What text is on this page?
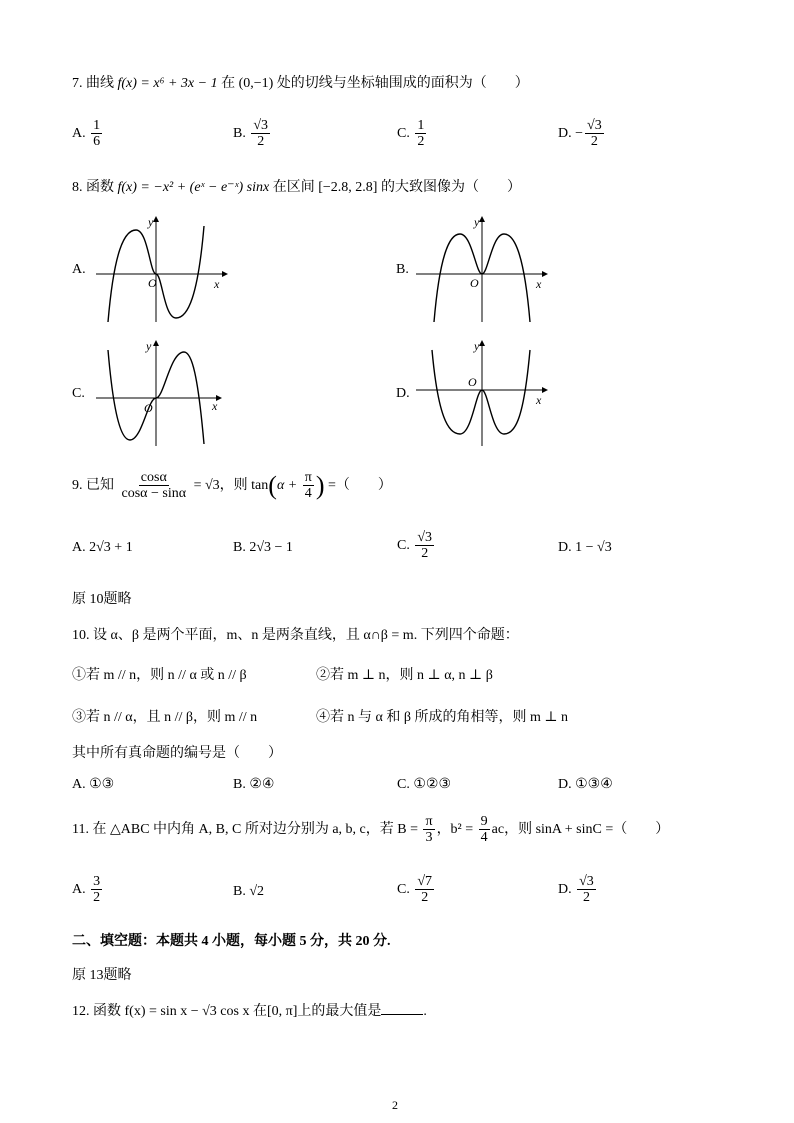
7. 曲线 f(x) = x⁶ + 3x − 1 在 (0,−1) 处的切线与坐标轴围成的面积为（　　）
A. $\frac{1}{6}$	B. $\frac{√3}{2}$	C. $\frac{1}{2}$	D. − $\frac{√3}{2}$
8. 函数 f(x) = −x² + (eˣ − e⁻ˣ) sinx 在区间 [−2.8, 2.8] 的大致图像为（　　）
A.
O
y
x
B.
O
y
x
C.
O
y
x
D.
O
y
x
9. 已知 $\frac{\cos\alpha}{\cos\alpha - \sin\alpha} = √3$，则 $\tan(\alpha + \frac{\pi}{4}$ ) =（　　）
A. 2√3 + 1	B. 2√3 − 1	C. $\frac{√3}{2}$	D. 1 − √3
原 10题略
10. 设 α、β 是两个平面，m、n 是两条直线，且 α∩β = m. 下列四个命题：
①若 m // n，则 n // α 或 n // β	②若 m ⊥ n，则 n ⊥ α, n ⊥ β
③若 n // α，且 n // β，则 m // n	④若 n 与 α 和 β 所成的角相等，则 m ⊥ n
其中所有真命题的编号是（　　）
A. ①③	B. ②④	C. ①②③	D. ①③④
11. 在 △ABC 中内角 A, B, C 所对边分别为 a, b, c，若 $B = \frac{\pi}{3}$ ，$b^2 = \frac{9}{4}$ ac，则 sinA + sinC =（　　）
A. $\frac{3}{2}$	B. √2	C. $\frac{√7}{2}$	D. $\frac{√3}{2}$
二、填空题：本题共 4 小题，每小题 5 分，共 20 分.
原 13题略
12. 函数 f(x) = sin x − √3 cos x 在[0, π]上的最大值是	.
2
